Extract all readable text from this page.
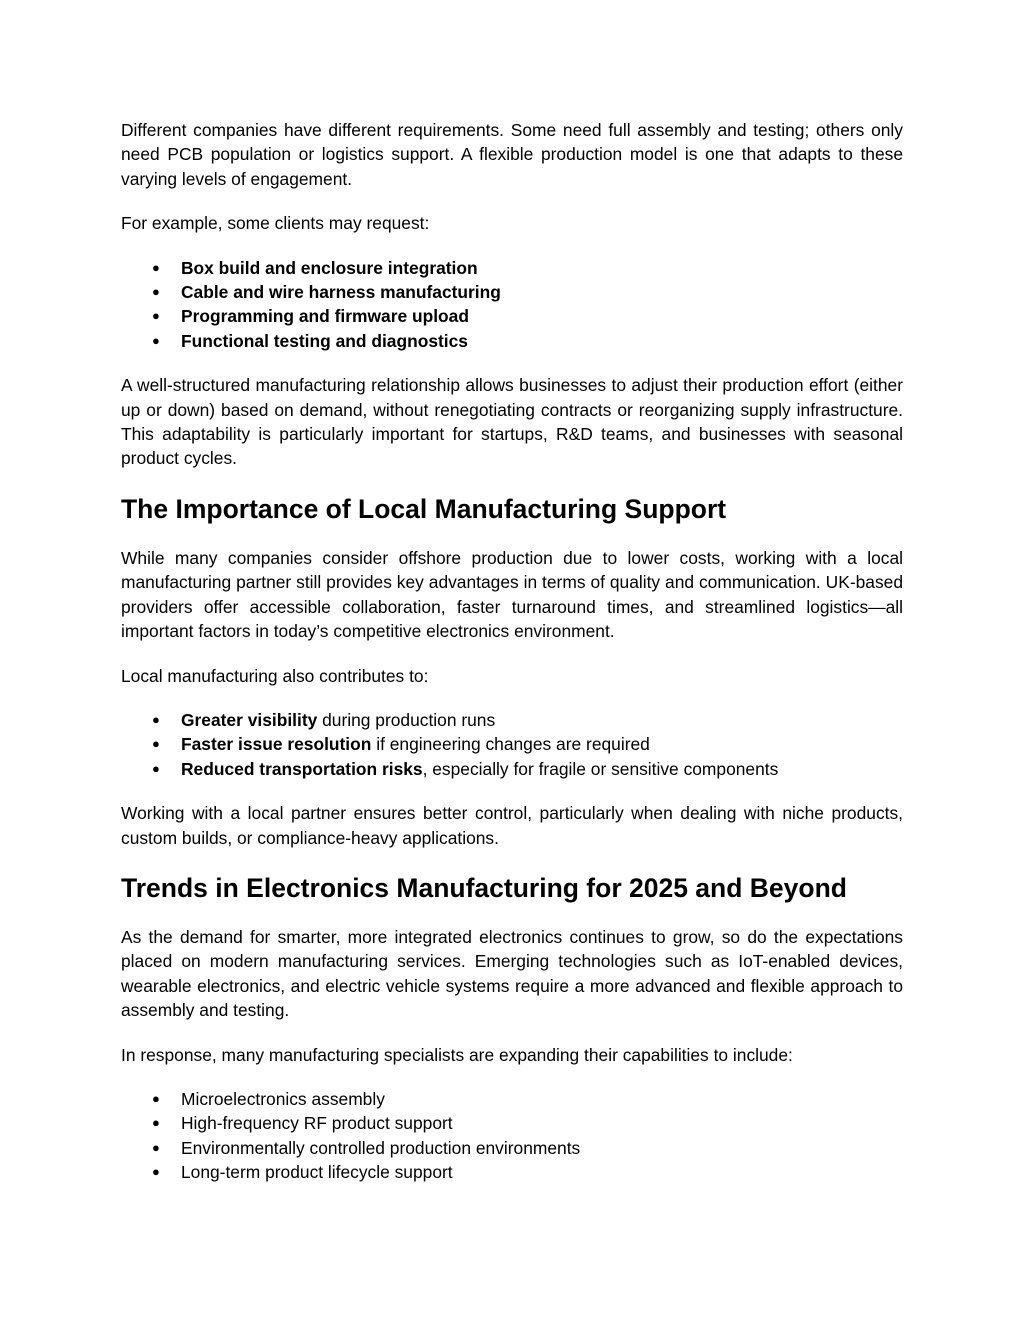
Different companies have different requirements. Some need full assembly and testing; others only need PCB population or logistics support. A flexible production model is one that adapts to these varying levels of engagement.

For example, some clients may request:

● Box build and enclosure integration
● Cable and wire harness manufacturing
● Programming and firmware upload
● Functional testing and diagnostics

A well-structured manufacturing relationship allows businesses to adjust their production effort (either up or down) based on demand, without renegotiating contracts or reorganizing supply infrastructure. This adaptability is particularly important for startups, R&D teams, and businesses with seasonal product cycles.

The Importance of Local Manufacturing Support

While many companies consider offshore production due to lower costs, working with a local manufacturing partner still provides key advantages in terms of quality and communication. UK-based providers offer accessible collaboration, faster turnaround times, and streamlined logistics—all important factors in today’s competitive electronics environment.

Local manufacturing also contributes to:

● Greater visibility during production runs
● Faster issue resolution if engineering changes are required
● Reduced transportation risks, especially for fragile or sensitive components

Working with a local partner ensures better control, particularly when dealing with niche products, custom builds, or compliance-heavy applications.

Trends in Electronics Manufacturing for 2025 and Beyond

As the demand for smarter, more integrated electronics continues to grow, so do the expectations placed on modern manufacturing services. Emerging technologies such as IoT-enabled devices, wearable electronics, and electric vehicle systems require a more advanced and flexible approach to assembly and testing.

In response, many manufacturing specialists are expanding their capabilities to include:

● Microelectronics assembly
● High-frequency RF product support
● Environmentally controlled production environments
● Long-term product lifecycle support
